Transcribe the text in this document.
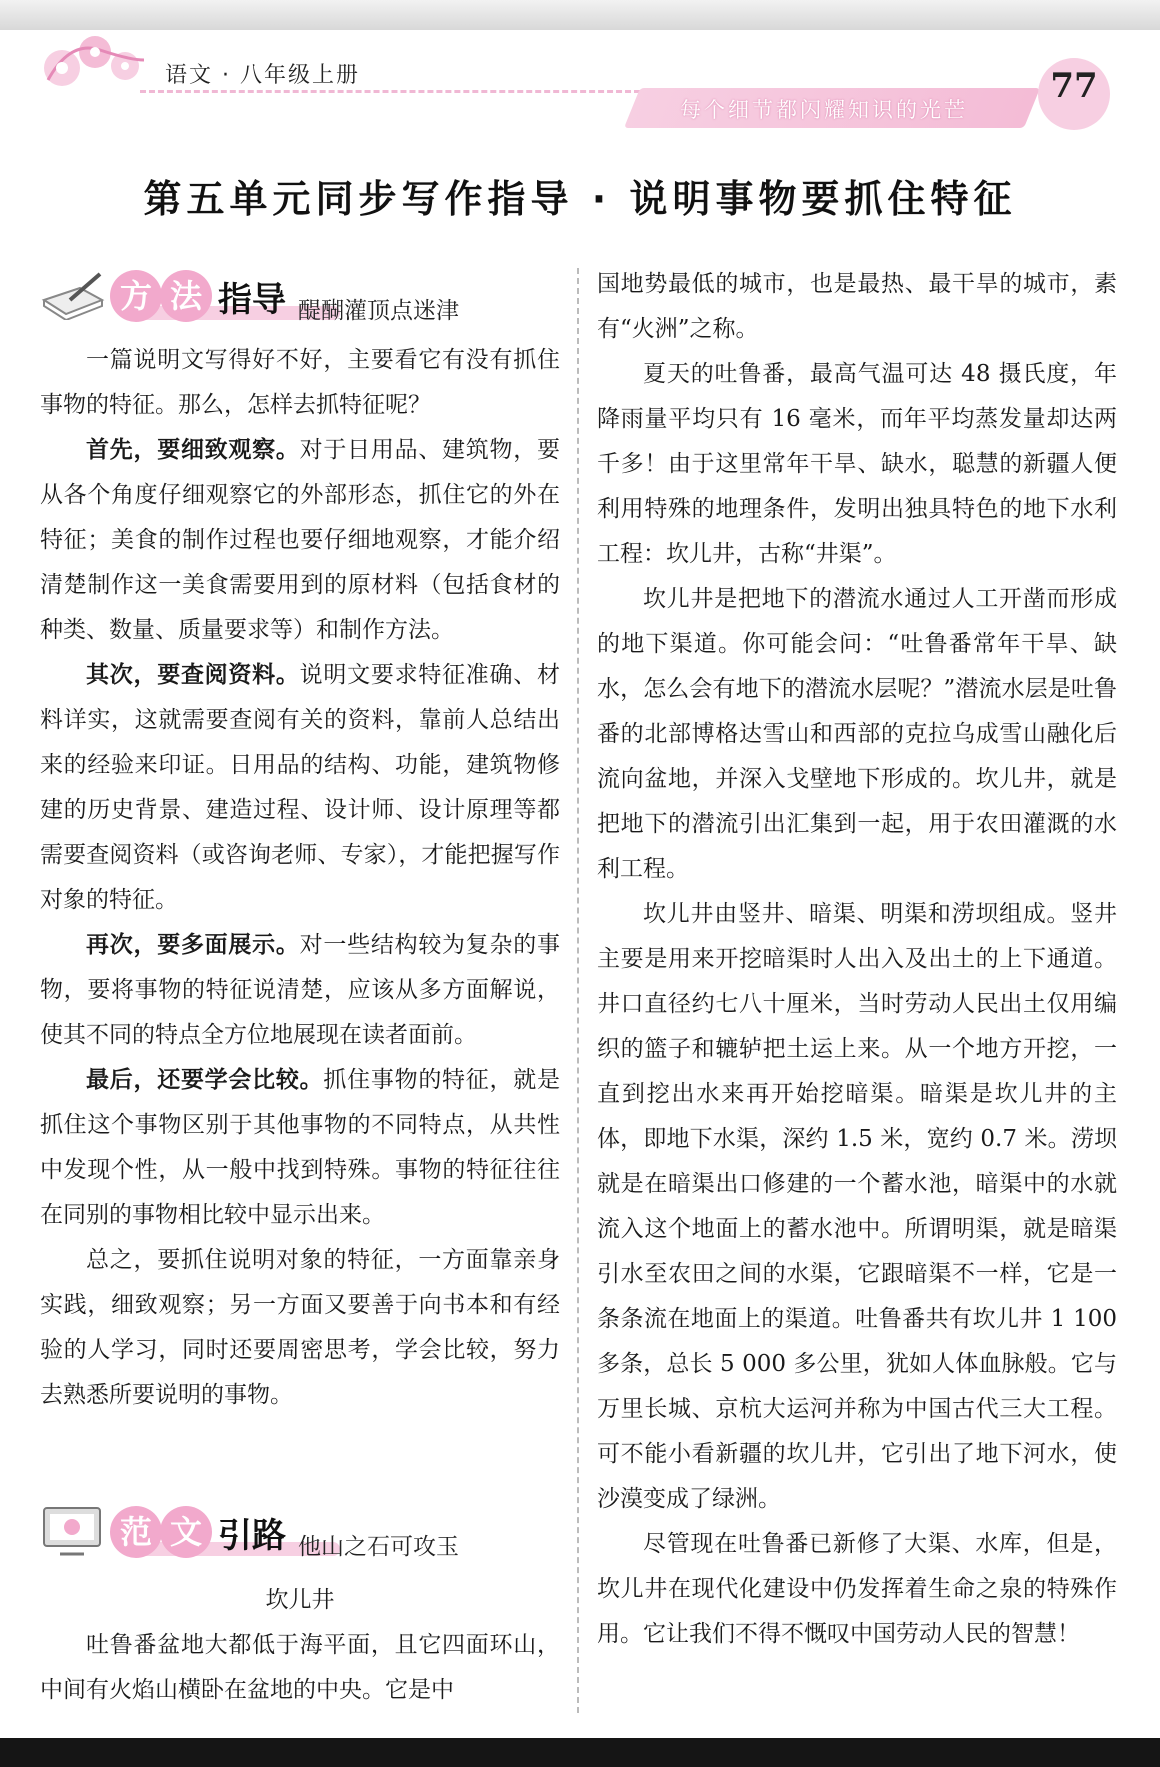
语文 · 八年级上册
每个细节都闪耀知识的光芒
77
第五单元同步写作指导 · 说明事物要抓住特征
方 法 指导 醍醐灌顶点迷津

一篇说明文写得好不好，主要看它有没有抓住事物的特征。那么，怎样去抓特征呢？

首先，要细致观察。对于日用品、建筑物，要从各个角度仔细观察它的外部形态，抓住它的外在特征；美食的制作过程也要仔细地观察，才能介绍清楚制作这一美食需要用到的原材料（包括食材的种类、数量、质量要求等）和制作方法。

其次，要查阅资料。说明文要求特征准确、材料详实，这就需要查阅有关的资料，靠前人总结出来的经验来印证。日用品的结构、功能，建筑物修建的历史背景、建造过程、设计师、设计原理等都需要查阅资料（或咨询老师、专家），才能把握写作对象的特征。

再次，要多面展示。对一些结构较为复杂的事物，要将事物的特征说清楚，应该从多方面解说，使其不同的特点全方位地展现在读者面前。

最后，还要学会比较。抓住事物的特征，就是抓住这个事物区别于其他事物的不同特点，从共性中发现个性，从一般中找到特殊。事物的特征往往在同别的事物相比较中显示出来。

总之，要抓住说明对象的特征，一方面靠亲身实践，细致观察；另一方面又要善于向书本和有经验的人学习，同时还要周密思考，学会比较，努力去熟悉所要说明的事物。

范 文 引路 他山之石可攻玉

坎儿井

吐鲁番盆地大都低于海平面，且它四面环山，中间有火焰山横卧在盆地的中央。它是中

国地势最低的城市，也是最热、最干旱的城市，素有“火洲”之称。

夏天的吐鲁番，最高气温可达 48 摄氏度，年降雨量平均只有 16 毫米，而年平均蒸发量却达两千多！由于这里常年干旱、缺水，聪慧的新疆人便利用特殊的地理条件，发明出独具特色的地下水利工程：坎儿井，古称“井渠”。

坎儿井是把地下的潜流水通过人工开凿而形成的地下渠道。你可能会问：“吐鲁番常年干旱、缺水，怎么会有地下的潜流水层呢？”潜流水层是吐鲁番的北部博格达雪山和西部的克拉乌成雪山融化后流向盆地，并深入戈壁地下形成的。坎儿井，就是把地下的潜流引出汇集到一起，用于农田灌溉的水利工程。

坎儿井由竖井、暗渠、明渠和涝坝组成。竖井主要是用来开挖暗渠时人出入及出土的上下通道。井口直径约七八十厘米，当时劳动人民出土仅用编织的篮子和辘轳把土运上来。从一个地方开挖，一直到挖出水来再开始挖暗渠。暗渠是坎儿井的主体，即地下水渠，深约 1.5 米，宽约 0.7 米。涝坝就是在暗渠出口修建的一个蓄水池，暗渠中的水就流入这个地面上的蓄水池中。所谓明渠，就是暗渠引水至农田之间的水渠，它跟暗渠不一样，它是一条条流在地面上的渠道。吐鲁番共有坎儿井 1 100 多条，总长 5 000 多公里，犹如人体血脉般。它与万里长城、京杭大运河并称为中国古代三大工程。可不能小看新疆的坎儿井，它引出了地下河水，使沙漠变成了绿洲。

尽管现在吐鲁番已新修了大渠、水库，但是，坎儿井在现代化建设中仍发挥着生命之泉的特殊作用。它让我们不得不慨叹中国劳动人民的智慧！
